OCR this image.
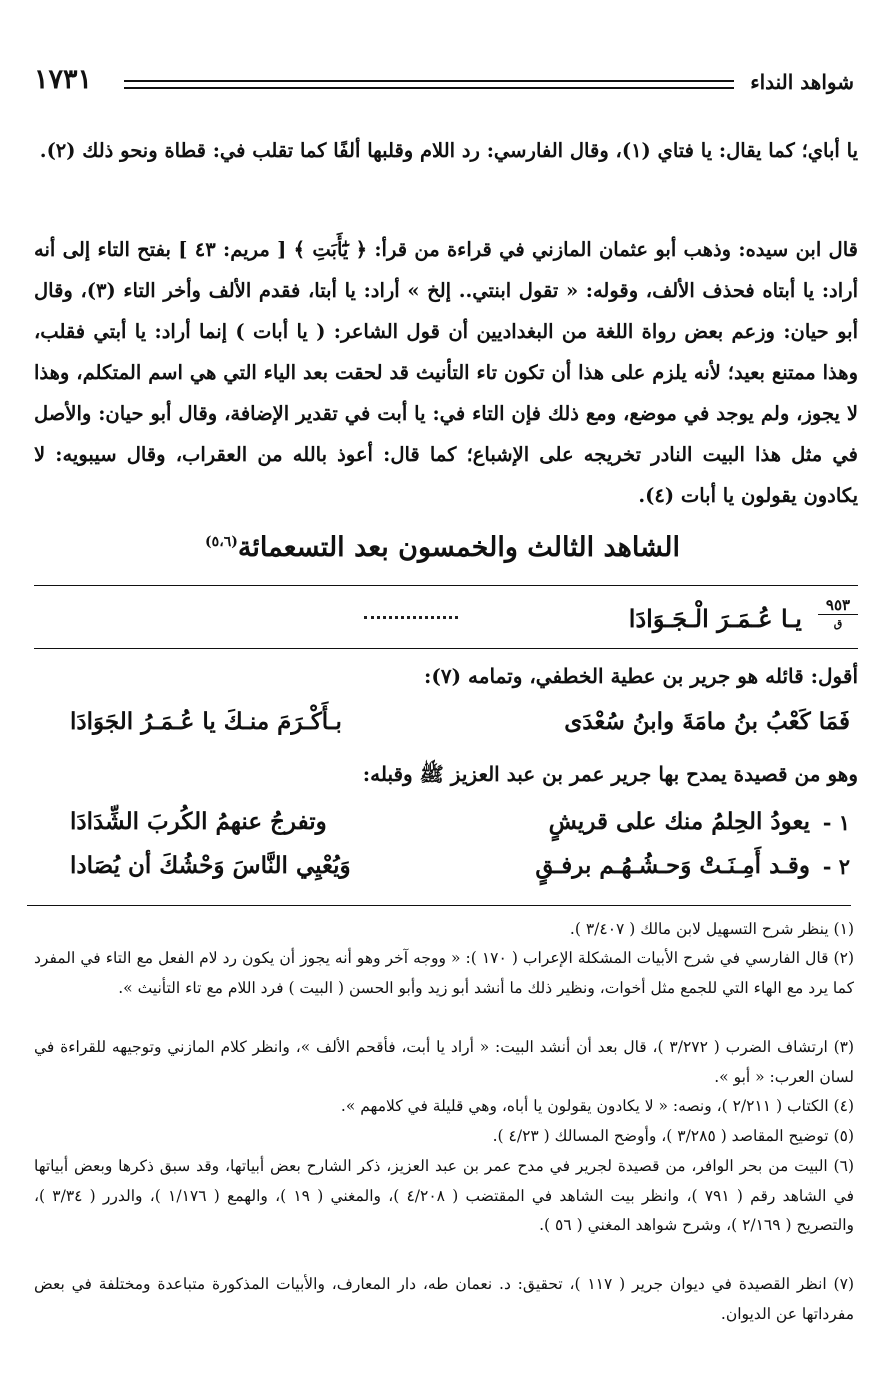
شواهد النداء
١٧٣١
يا أباي؛ كما يقال: يا فتاي (١)، وقال الفارسي: رد اللام وقلبها ألفًا كما تقلب في: قطاة ونحو ذلك (٢).
قال ابن سيده: وذهب أبو عثمان المازني في قراءة من قرأ: ﴿ يَٰٓأَبَتِ ﴾ [ مريم: ٤٣ ] بفتح التاء إلى أنه أراد: يا أبتاه فحذف الألف، وقوله: « تقول ابنتي.. إلخ » أراد: يا أبتا، فقدم الألف وأخر التاء (٣)، وقال أبو حيان: وزعم بعض رواة اللغة من البغداديين أن قول الشاعر: ( يا أبات ) إنما أراد: يا أبتي فقلب، وهذا ممتنع بعيد؛ لأنه يلزم على هذا أن تكون تاء التأنيث قد لحقت بعد الياء التي هي اسم المتكلم، وهذا لا يجوز، ولم يوجد في موضع، ومع ذلك فإن التاء في: يا أبت في تقدير الإضافة، وقال أبو حيان: والأصل في مثل هذا البيت النادر تخريجه على الإشباع؛ كما قال: أعوذ بالله من العقراب، وقال سيبويه: لا يكادون يقولون يا أبات (٤).
الشاهد الثالث والخمسون بعد التسعمائة$^{(٥،٦)}$
٩٥٣
ق
يـا عُـمَـرَ الْـجَـوَادَا
أقول: قائله هو جرير بن عطية الخطفي، وتمامه (٧):
فَمَا كَعْبُ بنُ مامَةَ وابنُ سُعْدَى
بـأَكْـرَمَ منـكَ يا عُـمَـرُ الجَوَادَا
وهو من قصيدة يمدح بها جرير عمر بن عبد العزيز ﷺ وقبله:
١ -
يعودُ الحِلمُ منك على قريشٍ
وتفرجُ عنهمُ الكُربَ الشِّدَادَا
٢ -
وقـد أَمِـنَـتْ وَحـشُـهُـم برفـقٍ
وَيُعْيِي النَّاسَ وَحْشُكَ أن يُصَادا
(١) ينظر شرح التسهيل لابن مالك ( ٣/٤٠٧ ).
(٢) قال الفارسي في شرح الأبيات المشكلة الإعراب ( ١٧٠ ): « ووجه آخر وهو أنه يجوز أن يكون رد لام الفعل مع التاء في المفرد كما يرد مع الهاء التي للجمع مثل أخوات، ونظير ذلك ما أنشد أبو زيد وأبو الحسن ( البيت ) فرد اللام مع تاء التأنيث ».
(٣) ارتشاف الضرب ( ٣/٢٧٢ )، قال بعد أن أنشد البيت: « أراد يا أبت، فأقحم الألف »، وانظر كلام المازني وتوجيهه للقراءة في لسان العرب: « أبو ».
(٤) الكتاب ( ٢/٢١١ )، ونصه: « لا يكادون يقولون يا أباه، وهي قليلة في كلامهم ».
(٥) توضيح المقاصد ( ٣/٢٨٥ )، وأوضح المسالك ( ٤/٢٣ ).
(٦) البيت من بحر الوافر، من قصيدة لجرير في مدح عمر بن عبد العزيز، ذكر الشارح بعض أبياتها، وقد سبق ذكرها وبعض أبياتها في الشاهد رقم ( ٧٩١ )، وانظر بيت الشاهد في المقتضب ( ٤/٢٠٨ )، والمغني ( ١٩ )، والهمع ( ١/١٧٦ )، والدرر ( ٣/٣٤ )، والتصريح ( ٢/١٦٩ )، وشرح شواهد المغني ( ٥٦ ).
(٧) انظر القصيدة في ديوان جرير ( ١١٧ )، تحقيق: د. نعمان طه، دار المعارف، والأبيات المذكورة متباعدة ومختلفة في بعض مفرداتها عن الديوان.
